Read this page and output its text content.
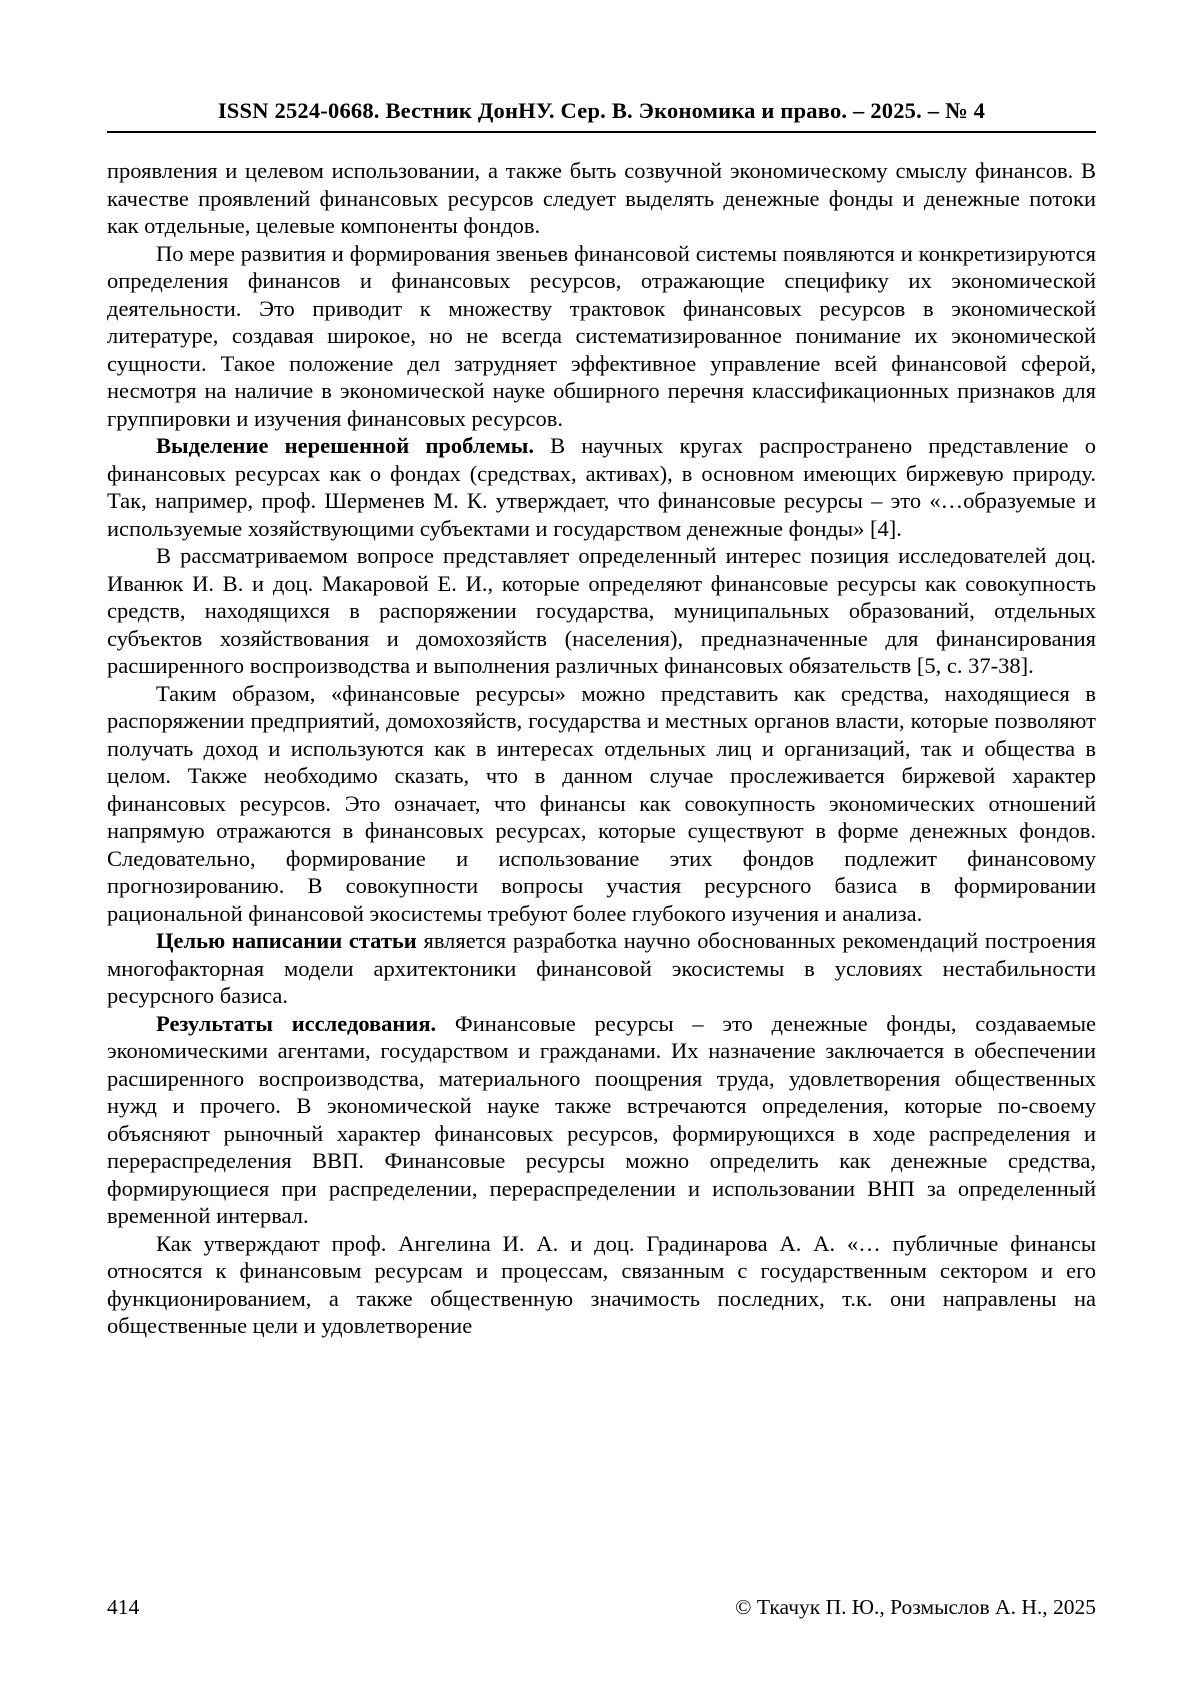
ISSN 2524-0668. Вестник ДонНУ. Сер. В. Экономика и право. – 2025. – № 4

проявления и целевом использовании, а также быть созвучной экономическому смыслу финансов. В качестве проявлений финансовых ресурсов следует выделять денежные фонды и денежные потоки как отдельные, целевые компоненты фондов.

По мере развития и формирования звеньев финансовой системы появляются и конкретизируются определения финансов и финансовых ресурсов, отражающие специфику их экономической деятельности. Это приводит к множеству трактовок финансовых ресурсов в экономической литературе, создавая широкое, но не всегда систематизированное понимание их экономической сущности. Такое положение дел затрудняет эффективное управление всей финансовой сферой, несмотря на наличие в экономической науке обширного перечня классификационных признаков для группировки и изучения финансовых ресурсов.

Выделение нерешенной проблемы. В научных кругах распространено представление о финансовых ресурсах как о фондах (средствах, активах), в основном имеющих биржевую природу. Так, например, проф. Шерменев М. К. утверждает, что финансовые ресурсы – это «…образуемые и используемые хозяйствующими субъектами и государством денежные фонды» [4].

В рассматриваемом вопросе представляет определенный интерес позиция исследователей доц. Иванюк И. В. и доц. Макаровой Е. И., которые определяют финансовые ресурсы как совокупность средств, находящихся в распоряжении государства, муниципальных образований, отдельных субъектов хозяйствования и домохозяйств (населения), предназначенные для финансирования расширенного воспроизводства и выполнения различных финансовых обязательств [5, с. 37-38].

Таким образом, «финансовые ресурсы» можно представить как средства, находящиеся в распоряжении предприятий, домохозяйств, государства и местных органов власти, которые позволяют получать доход и используются как в интересах отдельных лиц и организаций, так и общества в целом. Также необходимо сказать, что в данном случае прослеживается биржевой характер финансовых ресурсов. Это означает, что финансы как совокупность экономических отношений напрямую отражаются в финансовых ресурсах, которые существуют в форме денежных фондов. Следовательно, формирование и использование этих фондов подлежит финансовому прогнозированию. В совокупности вопросы участия ресурсного базиса в формировании рациональной финансовой экосистемы требуют более глубокого изучения и анализа.

Целью написании статьи является разработка научно обоснованных рекомендаций построения многофакторная модели архитектоники финансовой экосистемы в условиях нестабильности ресурсного базиса.

Результаты исследования. Финансовые ресурсы – это денежные фонды, создаваемые экономическими агентами, государством и гражданами. Их назначение заключается в обеспечении расширенного воспроизводства, материального поощрения труда, удовлетворения общественных нужд и прочего. В экономической науке также встречаются определения, которые по-своему объясняют рыночный характер финансовых ресурсов, формирующихся в ходе распределения и перераспределения ВВП. Финансовые ресурсы можно определить как денежные средства, формирующиеся при распределении, перераспределении и использовании ВНП за определенный временной интервал.

Как утверждают проф. Ангелина И. А. и доц. Градинарова А. А. «… публичные финансы относятся к финансовым ресурсам и процессам, связанным с государственным сектором и его функционированием, а также общественную значимость последних, т.к. они направлены на общественные цели и удовлетворение

414	© Ткачук П. Ю., Розмыслов А. Н., 2025
